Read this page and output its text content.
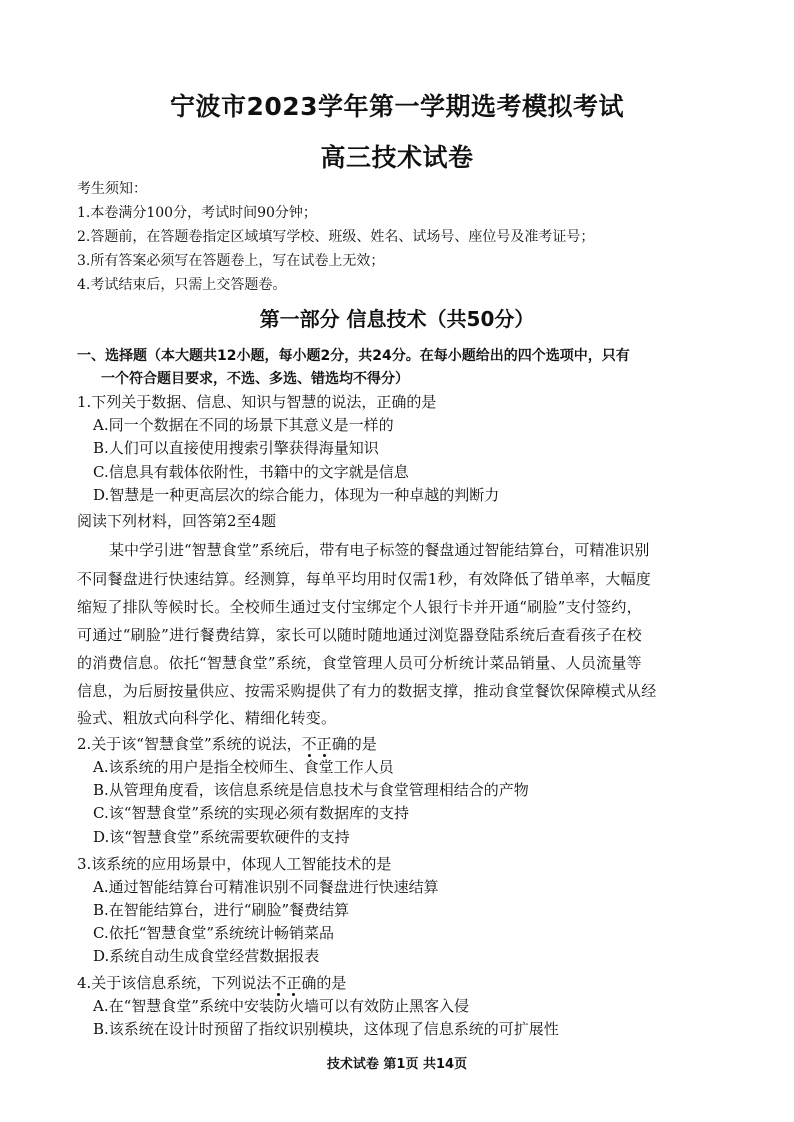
宁波市2023学年第一学期选考模拟考试
高三技术试卷
考生须知：
1.本卷满分100分，考试时间90分钟；
2.答题前，在答题卷指定区域填写学校、班级、姓名、试场号、座位号及准考证号；
3.所有答案必须写在答题卷上，写在试卷上无效；
4.考试结束后，只需上交答题卷。
第一部分 信息技术（共50分）
一、选择题（本大题共12小题，每小题2分，共24分。在每小题给出的四个选项中，只有
一个符合题目要求，不选、多选、错选均不得分）
1.下列关于数据、信息、知识与智慧的说法，正确的是
A.同一个数据在不同的场景下其意义是一样的
B.人们可以直接使用搜索引擎获得海量知识
C.信息具有载体依附性，书籍中的文字就是信息
D.智慧是一种更高层次的综合能力，体现为一种卓越的判断力
阅读下列材料，回答第2至4题
某中学引进“智慧食堂”系统后，带有电子标签的餐盘通过智能结算台，可精准识别
不同餐盘进行快速结算。经测算，每单平均用时仅需1秒，有效降低了错单率，大幅度
缩短了排队等候时长。全校师生通过支付宝绑定个人银行卡并开通“刷脸”支付签约，
可通过“刷脸”进行餐费结算，家长可以随时随地通过浏览器登陆系统后查看孩子在校
的消费信息。依托“智慧食堂”系统，食堂管理人员可分析统计菜品销量、人员流量等
信息，为后厨按量供应、按需采购提供了有力的数据支撑，推动食堂餐饮保障模式从经
验式、粗放式向科学化、精细化转变。
2.关于该“智慧食堂”系统的说法，不正确的是
A.该系统的用户是指全校师生、食堂工作人员
B.从管理角度看，该信息系统是信息技术与食堂管理相结合的产物
C.该“智慧食堂”系统的实现必须有数据库的支持
D.该“智慧食堂”系统需要软硬件的支持
3.该系统的应用场景中，体现人工智能技术的是
A.通过智能结算台可精准识别不同餐盘进行快速结算
B.在智能结算台，进行“刷脸”餐费结算
C.依托“智慧食堂”系统统计畅销菜品
D.系统自动生成食堂经营数据报表
4.关于该信息系统，下列说法不正确的是
A.在“智慧食堂”系统中安装防火墙可以有效防止黑客入侵
B.该系统在设计时预留了指纹识别模块，这体现了信息系统的可扩展性
技术试卷 第1页 共14页
